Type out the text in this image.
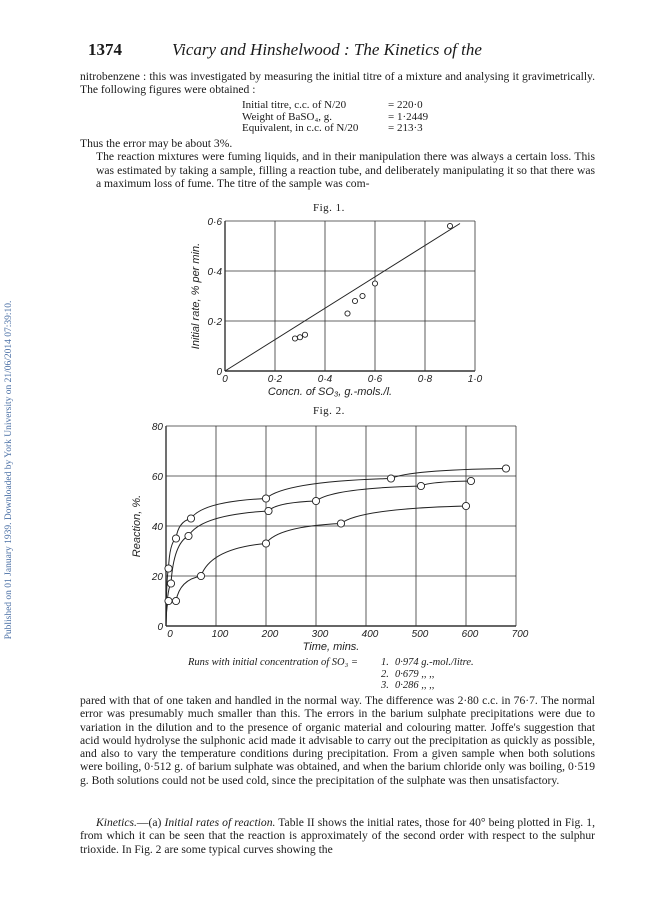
Published on 01 January 1939. Downloaded by York University on 21/06/2014 07:39:10.
1374	Vicary and Hinshelwood : The Kinetics of the
nitrobenzene : this was investigated by measuring the initial titre of a mixture and analysing it gravimetrically. The following figures were obtained :
Initial titre, c.c. of N/20	= 220·0
Weight of BaSO₄, g.	= 1·2449
Equivalent, in c.c. of N/20	= 213·3
Thus the error may be about 3%.
The reaction mixtures were fuming liquids, and in their manipulation there was always a certain loss. This was estimated by taking a sample, filling a reaction tube, and deliberately manipulating it so that there was a maximum loss of fume. The titre of the sample was com-
Fig. 1.
0	0·2	0·4	0·6	0·8	1·0
0
0·2
0·4
0·6
Concn. of SO₃, g.-mols./l.
Initial rate, % per min.
Fig. 2.
0	100	200	300	400	500	600	700
0
20
40
60
80
Time, mins.
Reaction, %.
Runs with initial concentration of SO₃ =	1. 0·974 g.-mol./litre.
2. 0·679 ,, ,,
3. 0·286 ,, ,,
pared with that of one taken and handled in the normal way. The difference was 2·80 c.c. in 76·7. The normal error was presumably much smaller than this. The errors in the barium sulphate precipitations were due to variation in the dilution and to the presence of organic material and colouring matter. Joffe's suggestion that acid would hydrolyse the sulphonic acid made it advisable to carry out the precipitation as quickly as possible, and also to vary the temperature conditions during precipitation. From a given sample when both solutions were boiling, 0·512 g. of barium sulphate was obtained, and when the barium chloride only was boiling, 0·519 g. Both solutions could not be used cold, since the precipitation of the sulphate was then unsatisfactory.
Kinetics.—(a) Initial rates of reaction. Table II shows the initial rates, those for 40° being plotted in Fig. 1, from which it can be seen that the reaction is approximately of the second order with respect to the sulphur trioxide. In Fig. 2 are some typical curves showing the
